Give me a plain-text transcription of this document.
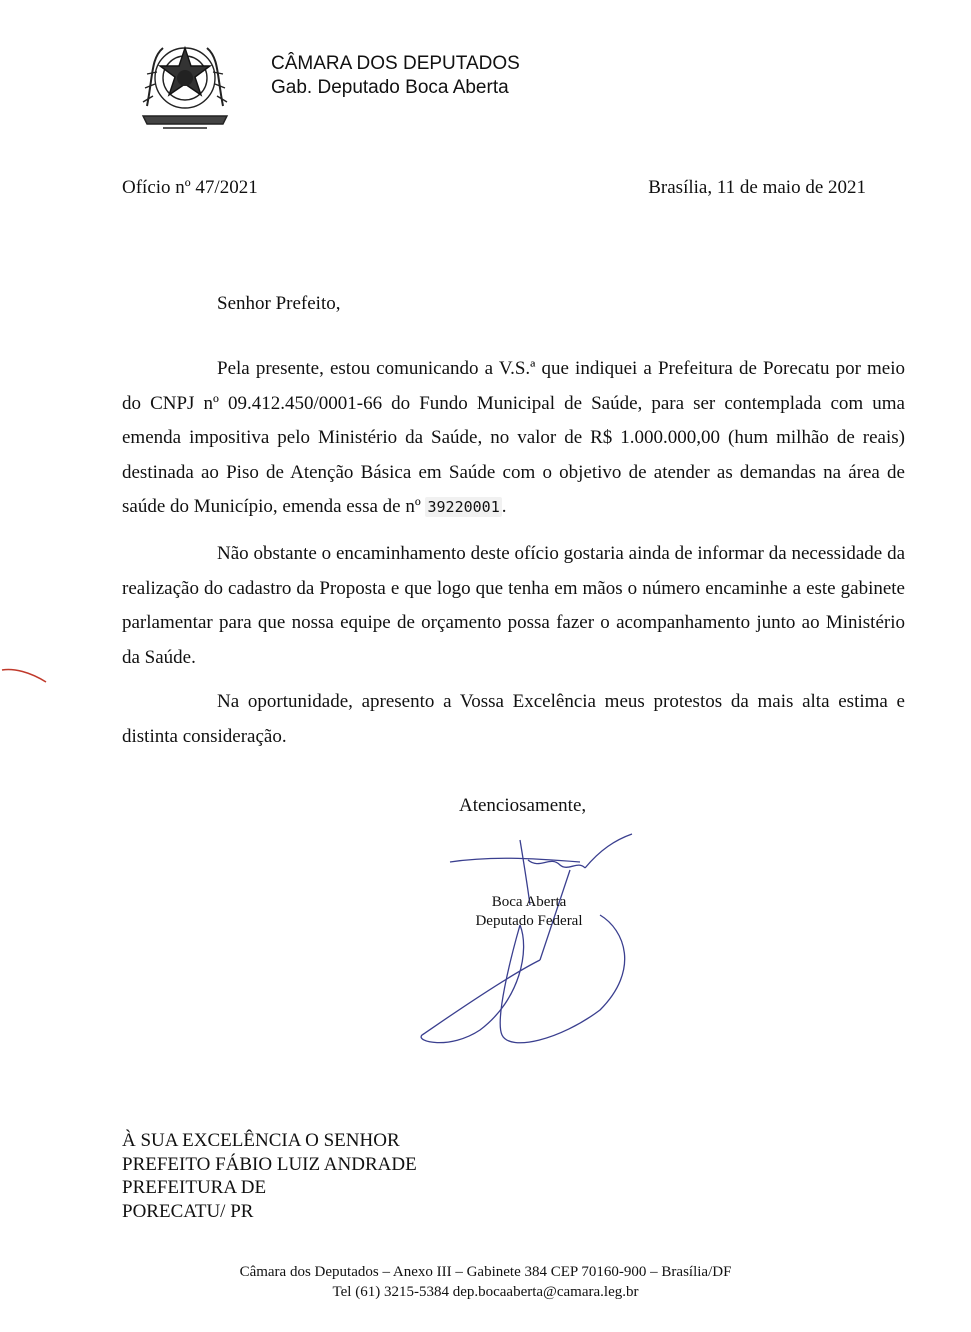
CÂMARA DOS DEPUTADOS
Gab. Deputado Boca Aberta
Ofício nº 47/2021	Brasília, 11 de maio de 2021
Senhor Prefeito,

Pela presente, estou comunicando a V.S.ª que indiquei a Prefeitura de Porecatu por meio do CNPJ nº 09.412.450/0001-66 do Fundo Municipal de Saúde, para ser contemplada com uma emenda impositiva pelo Ministério da Saúde, no valor de R$ 1.000.000,00 (hum milhão de reais) destinada ao Piso de Atenção Básica em Saúde com o objetivo de atender as demandas na área de saúde do Município, emenda essa de nº 39220001 .

Não obstante o encaminhamento deste ofício gostaria ainda de informar da necessidade da realização do cadastro da Proposta e que logo que tenha em mãos o número encaminhe a este gabinete parlamentar para que nossa equipe de orçamento possa fazer o acompanhamento junto ao Ministério da Saúde.

Na oportunidade, apresento a Vossa Excelência meus protestos da mais alta estima e distinta consideração.

Atenciosamente,
Boca Aberta
Deputado Federal
À SUA EXCELÊNCIA O SENHOR
PREFEITO FÁBIO LUIZ ANDRADE
PREFEITURA DE
PORECATU/ PR
Câmara dos Deputados – Anexo III – Gabinete 384 CEP 70160-900 – Brasília/DF
Tel (61) 3215-5384 dep.bocaaberta@camara.leg.br
